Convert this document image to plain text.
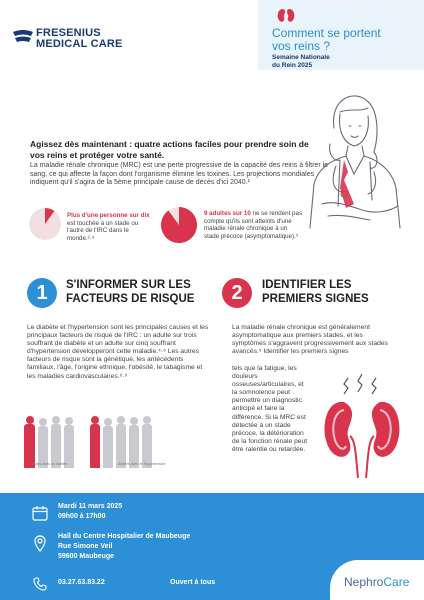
FRESENIUS
MEDICAL CARE
Comment se portent
vos reins ?
Semaine Nationale
du Rein 2025
Agissez dès maintenant : quatre actions faciles pour prendre soin de vos reins et protéger votre santé.
La maladie rénale chronique (MRC) est une perte progressive de la capacité des reins à filtrer le sang, ce qui affecte la façon dont l'organisme élimine les toxines. Les projections mondiales indiquent qu'il s'agira de la 5ème principale cause de décès d'ici 2040.¹
Plus d'une personne sur dix est touchée à un stade ou l'autre de l'IRC dans le monde.²·⁴
9 adultes sur 10 ne se rendent pas compte qu'ils sont atteints d'une maladie rénale chronique à un stade précoce (asymptomatique).⁵
1	S'INFORMER SUR LES
FACTEURS DE RISQUE
Le diabète et l'hypertension sont les principales causes et les principaux facteurs de risque de l'IRC : un adulte sur trois souffrant de diabète et un adulte sur cinq souffrant d'hypertension développeront cette maladie.⁴·⁵ Les autres facteurs de risque sont la génétique, les antécédents familiaux, l'âge, l'origine ethnique, l'obésité, le tabagisme et les maladies cardiovasculaires.⁶·⁹
Adultes avec du diabète	Adultes avec de l'hypertension
2	IDENTIFIER LES
PREMIERS SIGNES
La maladie rénale chronique est généralement asymptomatique aux premiers stades, et les symptômes s'aggravent progressivement aux stades avancés.⁵ Identifier les premiers signes
tels que la fatigue, les douleurs osseuses/articulaires, et la somnolence peut permettre un diagnostic anticipé et faire la différence. Si la MRC est détectée à un stade précoce, la détérioration de la fonction rénale peut être ralentie ou retardée.
Mardi 11 mars 2025
09h00 à 17h00
Hall du Centre Hospitalier de Maubeuge
Rue Simone Veil
59600 Maubeuge
03.27.63.83.22	Ouvert à tous	NephroCare
